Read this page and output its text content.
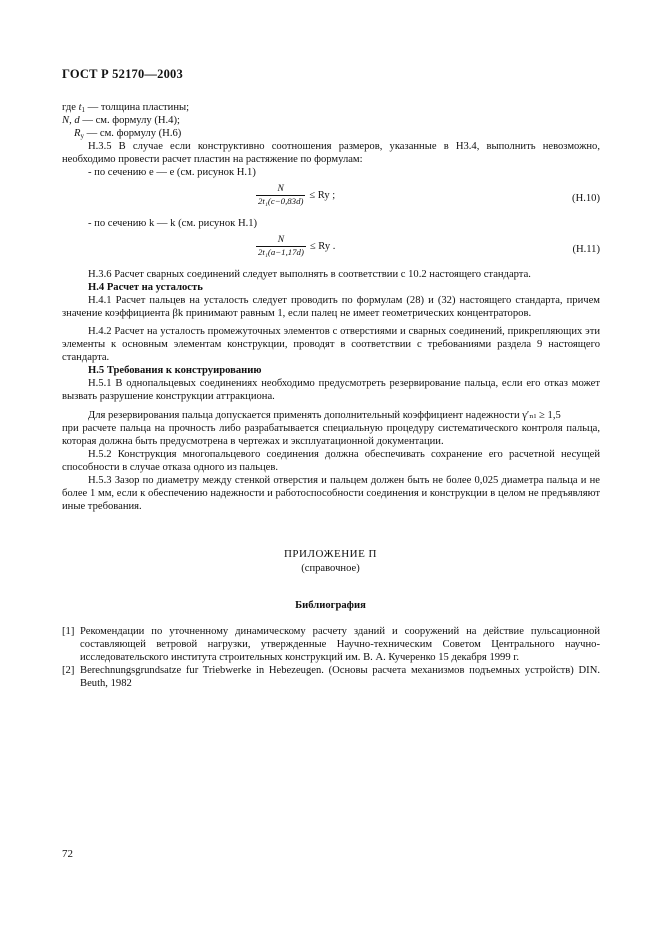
ГОСТ Р 52170—2003

где $t_1$ — толщина пластины;

N, d — см. формулу (Н.4);

$R_y$ — см. формулу (Н.6)

Н.3.5 В случае если конструктивно соотношения размеров, указанные в Н3.4, выполнить невозможно, необходимо провести расчет пластин на растяжение по формулам:

- по сечению е — е (см. рисунок Н.1)

$\frac{N}{\text{2t₁(c−0,83d)}} \le Ry$ ;	(Н.10)

- по сечению k — k (см. рисунок Н.1)

$\frac{N}{\text{2t₁(a−1,17d)}} \le Ry$ .	(Н.11)

Н.3.6 Расчет сварных соединений следует выполнять в соответствии с 10.2 настоящего стандарта.

Н.4 Расчет на усталость

Н.4.1 Расчет пальцев на усталость следует проводить по формулам (28) и (32) настоящего стандарта, причем значение коэффициента βk принимают равным 1, если палец не имеет геометрических концентраторов.

Н.4.2 Расчет на усталость промежуточных элементов с отверстиями и сварных соединений, прикрепляющих эти элементы к основным элементам конструкции, проводят в соответствии с требованиями раздела 9 настоящего стандарта.

Н.5 Требования к конструированию

Н.5.1 В однопальцевых соединениях необходимо предусмотреть резервирование пальца, если его отказ может вызвать разрушение конструкции аттракциона.

Для резервирования пальца допускается применять дополнительный коэффициент надежности γ′ₙₗ ≥ 1,5

при расчете пальца на прочность либо разрабатывается специальную процедуру систематического контроля пальца, которая должна быть предусмотрена в чертежах и эксплуатационной документации.

Н.5.2 Конструкция многопальцевого соединения должна обеспечивать сохранение его расчетной несущей способности в случае отказа одного из пальцев.

Н.5.3 Зазор по диаметру между стенкой отверстия и пальцем должен быть не более 0,025 диаметра пальца и не более 1 мм, если к обеспечению надежности и работоспособности соединения и конструкции в целом не предъявляют иные требования.

ПРИЛОЖЕНИЕ П
(справочное)
Библиография

[1] Рекомендации по уточненному динамическому расчету зданий и сооружений на действие пульсационной составляющей ветровой нагрузки, утвержденные Научно-техническим Советом Центрального научно-исследовательского института строительных конструкций им. В. А. Кучеренко 15 декабря 1999 г.

[2] Berechnungsgrundsatze fur Triebwerke in Hebezeugen. (Основы расчета механизмов подъемных устройств) DIN. Beuth, 1982

72
